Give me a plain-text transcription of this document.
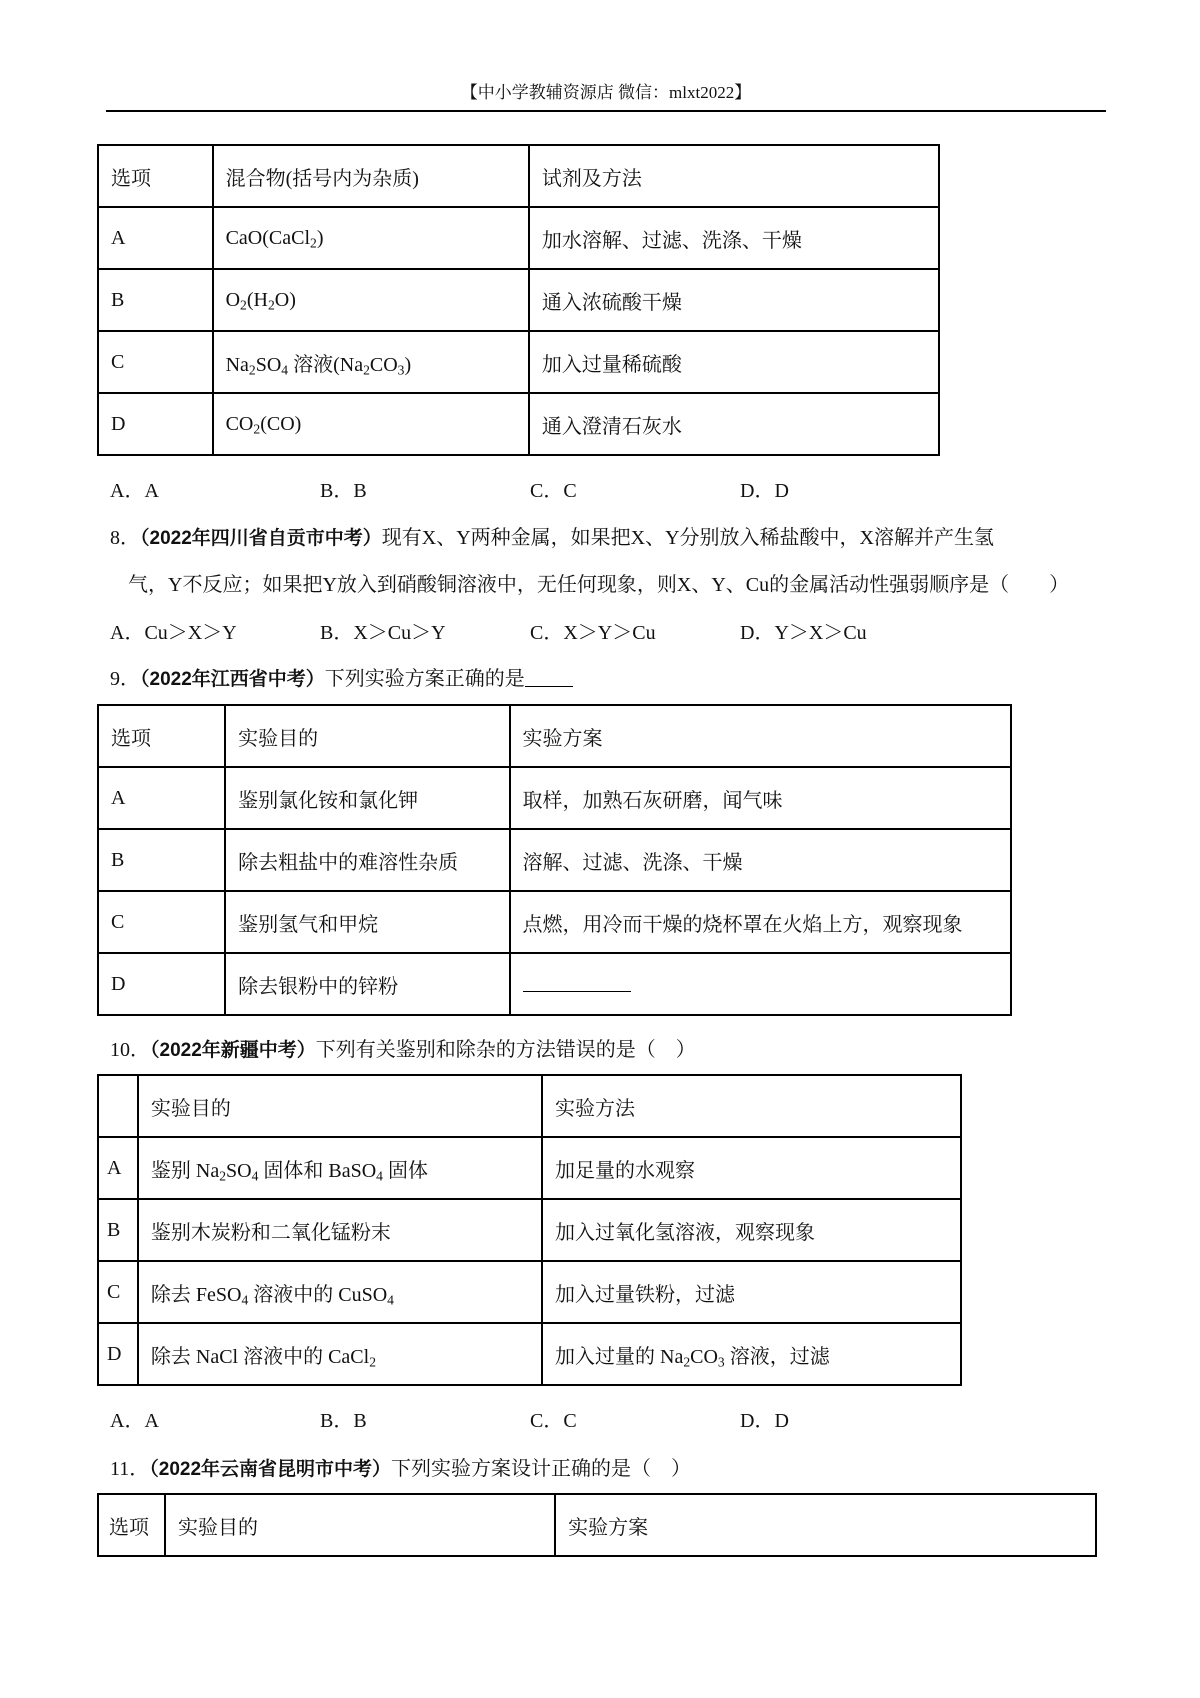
【中小学教辅资源店 微信：mlxt2022】
选项	混合物(括号内为杂质)	试剂及方法
A	CaO(CaCl$_2$)	加水溶解、过滤、洗涤、干燥
B	$O_2(H_2O)$	通入浓硫酸干燥
C	$Na_2SO_4$ 溶液$(Na_2CO_3)$	加入过量稀硫酸
D	$CO_2(CO)$	通入澄清石灰水
A．A	B．B	C．C	D．D
8．（2022年四川省自贡市中考）现有X、Y两种金属，如果把X、Y分别放入稀盐酸中，X溶解并产生氢
气，Y不反应；如果把Y放入到硝酸铜溶液中，无任何现象，则X、Y、Cu的金属活动性强弱顺序是（　　）
A．Cu＞X＞Y	B．X＞Cu＞Y	C．X＞Y＞Cu	D．Y＞X＞Cu
9．（2022年江西省中考）下列实验方案正确的是
选项	实验目的	实验方案
A	鉴别氯化铵和氯化钾	取样，加熟石灰研磨，闻气味
B	除去粗盐中的难溶性杂质	溶解、过滤、洗涤、干燥
C	鉴别氢气和甲烷	点燃，用冷而干燥的烧杯罩在火焰上方，观察现象
D	除去银粉中的锌粉	
10．（2022年新疆中考）下列有关鉴别和除杂的方法错误的是（　）
	实验目的	实验方法
A	鉴别 $Na_2SO_4$ 固体和 BaSO$_4$ 固体	加足量的水观察
B	鉴别木炭粉和二氧化锰粉末	加入过氧化氢溶液，观察现象
C	除去 FeSO$_4$ 溶液中的 CuSO$_4$	加入过量铁粉，过滤
D	除去 NaCl 溶液中的 CaCl$_2$	加入过量的 $Na_2CO_3$ 溶液，过滤
A．A	B．B	C．C	D．D
11．（2022年云南省昆明市中考）下列实验方案设计正确的是（　）
选项	实验目的	实验方案
